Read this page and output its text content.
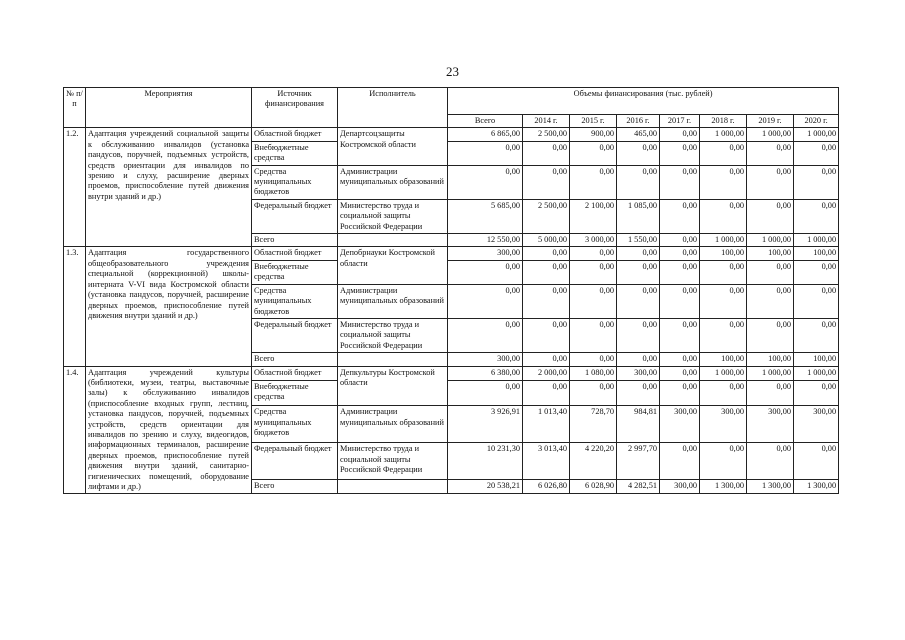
23
№ п/п	Мероприятия	Источник финансирования	Исполнитель	Объемы финансирования (тыс. рублей)							
				Всего	2014 г.	2015 г.	2016 г.	2017 г.	2018 г.	2019 г.	2020 г.
1.2.	Адаптация учреждений социальной защиты к обслуживанию инвалидов (установка пандусов, поручней, подъемных устройств, средств ориентации для инвалидов по зрению и слуху, расширение дверных проемов, приспособление путей движения внутри зданий и др.)	Областной бюджет	Департсоцзащиты Костромской области	6 865,00	2 500,00	900,00	465,00	0,00	1 000,00	1 000,00	1 000,00
		Внебюджетные средства		0,00	0,00	0,00	0,00	0,00	0,00	0,00	0,00
		Средства муниципальных бюджетов	Администрации муниципальных образований	0,00	0,00	0,00	0,00	0,00	0,00	0,00	0,00
		Федеральный бюджет	Министерство труда и социальной защиты Российской Федерации	5 685,00	2 500,00	2 100,00	1 085,00	0,00	0,00	0,00	0,00
		Всего		12 550,00	5 000,00	3 000,00	1 550,00	0,00	1 000,00	1 000,00	1 000,00
1.3.	Адаптация государственного общеобразовательного учреждения специальной (коррекционной) школы-интерната V-VI вида Костромской области (установка пандусов, поручней, расширение дверных проемов, приспособление путей движения внутри зданий и др.)	Областной бюджет	Депобрнауки Костромской области	300,00	0,00	0,00	0,00	0,00	100,00	100,00	100,00
		Внебюджетные средства		0,00	0,00	0,00	0,00	0,00	0,00	0,00	0,00
		Средства муниципальных бюджетов	Администрации муниципальных образований	0,00	0,00	0,00	0,00	0,00	0,00	0,00	0,00
		Федеральный бюджет	Министерство труда и социальной защиты Российской Федерации	0,00	0,00	0,00	0,00	0,00	0,00	0,00	0,00
		Всего		300,00	0,00	0,00	0,00	0,00	100,00	100,00	100,00
1.4.	Адаптация учреждений культуры (библиотеки, музеи, театры, выставочные залы) к обслуживанию инвалидов (приспособление входных групп, лестниц, установка пандусов, поручней, подъемных устройств, средств ориентации для инвалидов по зрению и слуху, видеогидов, информационных терминалов, расширение дверных проемов, приспособление путей движения внутри зданий, санитарно-гигиенических помещений, оборудование лифтами и др.)	Областной бюджет	Депкультуры Костромской области	6 380,00	2 000,00	1 080,00	300,00	0,00	1 000,00	1 000,00	1 000,00
		Внебюджетные средства		0,00	0,00	0,00	0,00	0,00	0,00	0,00	0,00
		Средства муниципальных бюджетов	Администрации муниципальных образований	3 926,91	1 013,40	728,70	984,81	300,00	300,00	300,00	300,00
		Федеральный бюджет	Министерство труда и социальной защиты Российской Федерации	10 231,30	3 013,40	4 220,20	2 997,70	0,00	0,00	0,00	0,00
		Всего		20 538,21	6 026,80	6 028,90	4 282,51	300,00	1 300,00	1 300,00	1 300,00
